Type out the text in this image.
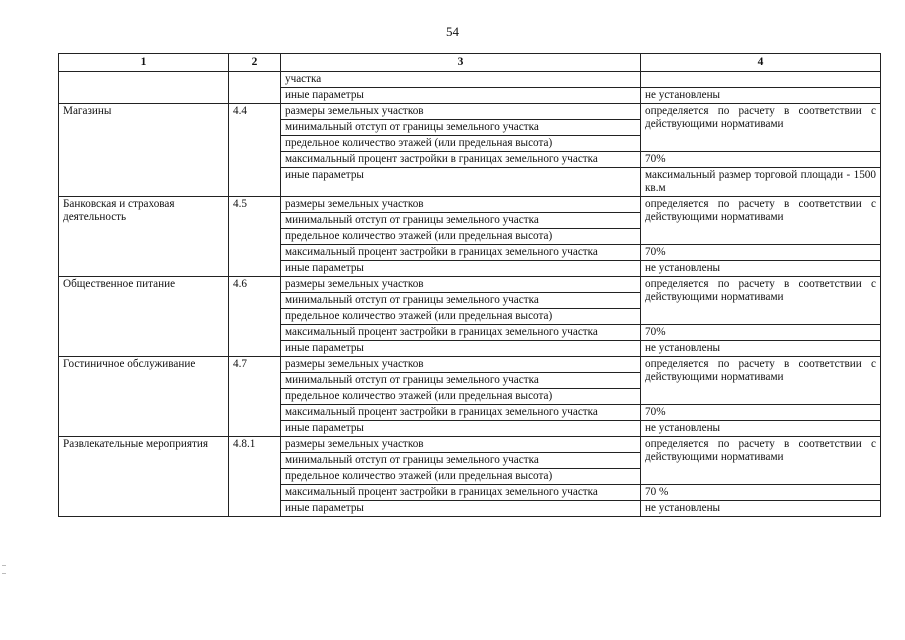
54
1	2	3	4
		участка	
		иные параметры	не установлены
Магазины	4.4	размеры земельных участков	определяется по расчету в соответствии с действующими нормативами
		минимальный отступ от границы земельного участка	
		предельное количество этажей (или предельная высота)	
		максимальный процент застройки в границах земельного участка	70%
		иные параметры	максимальный размер торговой площади - 1500 кв.м
Банковская и страховая деятельность	4.5	размеры земельных участков	определяется по расчету в соответствии с действующими нормативами
		минимальный отступ от границы земельного участка	
		предельное количество этажей (или предельная высота)	
		максимальный процент застройки в границах земельного участка	70%
		иные параметры	не установлены
Общественное питание	4.6	размеры земельных участков	определяется по расчету в соответствии с действующими нормативами
		минимальный отступ от границы земельного участка	
		предельное количество этажей (или предельная высота)	
		максимальный процент застройки в границах земельного участка	70%
		иные параметры	не установлены
Гостиничное обслуживание	4.7	размеры земельных участков	определяется по расчету в соответствии с действующими нормативами
		минимальный отступ от границы земельного участка	
		предельное количество этажей (или предельная высота)	
		максимальный процент застройки в границах земельного участка	70%
		иные параметры	не установлены
Развлекательные мероприятия	4.8.1	размеры земельных участков	определяется по расчету в соответствии с действующими нормативами
		минимальный отступ от границы земельного участка	
		предельное количество этажей (или предельная высота)	
		максимальный процент застройки в границах земельного участка	70 %
		иные параметры	не установлены
